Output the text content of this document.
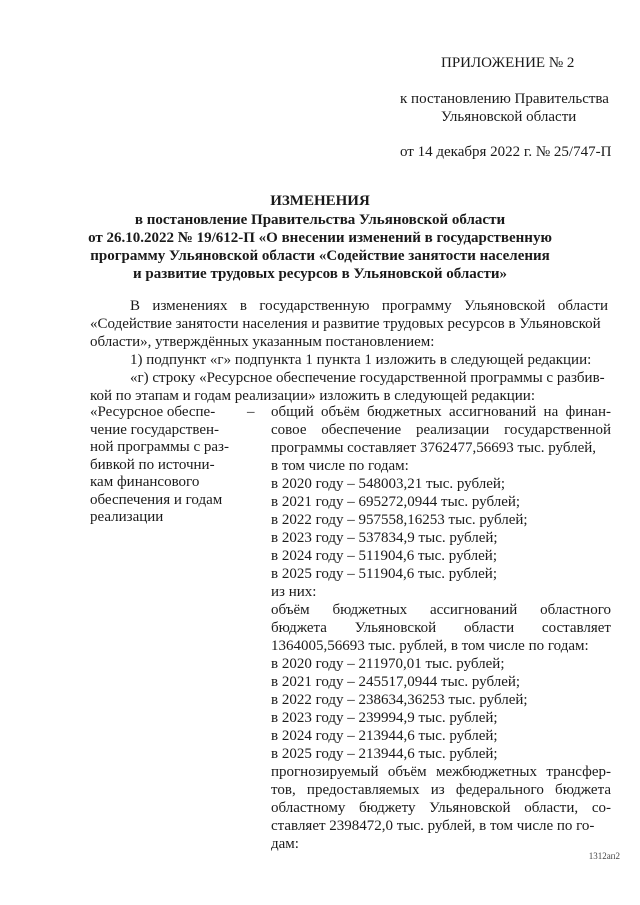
ПРИЛОЖЕНИЕ № 2
к постановлению Правительства
Ульяновской области
от 14 декабря 2022 г. № 25/747-П
ИЗМЕНЕНИЯ
в постановление Правительства Ульяновской области
от 26.10.2022 № 19/612-П «О внесении изменений в государственную
программу Ульяновской области «Содействие занятости населения
и развитие трудовых ресурсов в Ульяновской области»
В изменениях в государственную программу Ульяновской области
«Содействие занятости населения и развитие трудовых ресурсов в Ульяновской
области», утверждённых указанным постановлением:
1) подпункт «г» подпункта 1 пункта 1 изложить в следующей редакции:
«г) строку «Ресурсное обеспечение государственной программы с разбив-
кой по этапам и годам реализации» изложить в следующей редакции:
«Ресурсное обеспе-
чение государствен-
ной программы с раз-
бивкой по источни-
кам финансового
обеспечения и годам
реализации
– общий объём бюджетных ассигнований на финан-
совое обеспечение реализации государственной
программы составляет 3762477,56693 тыс. рублей,
в том числе по годам:
в 2020 году – 548003,21 тыс. рублей;
в 2021 году – 695272,0944 тыс. рублей;
в 2022 году – 957558,16253 тыс. рублей;
в 2023 году – 537834,9 тыс. рублей;
в 2024 году – 511904,6 тыс. рублей;
в 2025 году – 511904,6 тыс. рублей;
из них:
объём бюджетных ассигнований областного
бюджета Ульяновской области составляет
1364005,56693 тыс. рублей, в том числе по годам:
в 2020 году – 211970,01 тыс. рублей;
в 2021 году – 245517,0944 тыс. рублей;
в 2022 году – 238634,36253 тыс. рублей;
в 2023 году – 239994,9 тыс. рублей;
в 2024 году – 213944,6 тыс. рублей;
в 2025 году – 213944,6 тыс. рублей;
прогнозируемый объём межбюджетных трансфер-
тов, предоставляемых из федерального бюджета
областному бюджету Ульяновской области, со-
ставляет 2398472,0 тыс. рублей, в том числе по го-
дам:
1312ап2
